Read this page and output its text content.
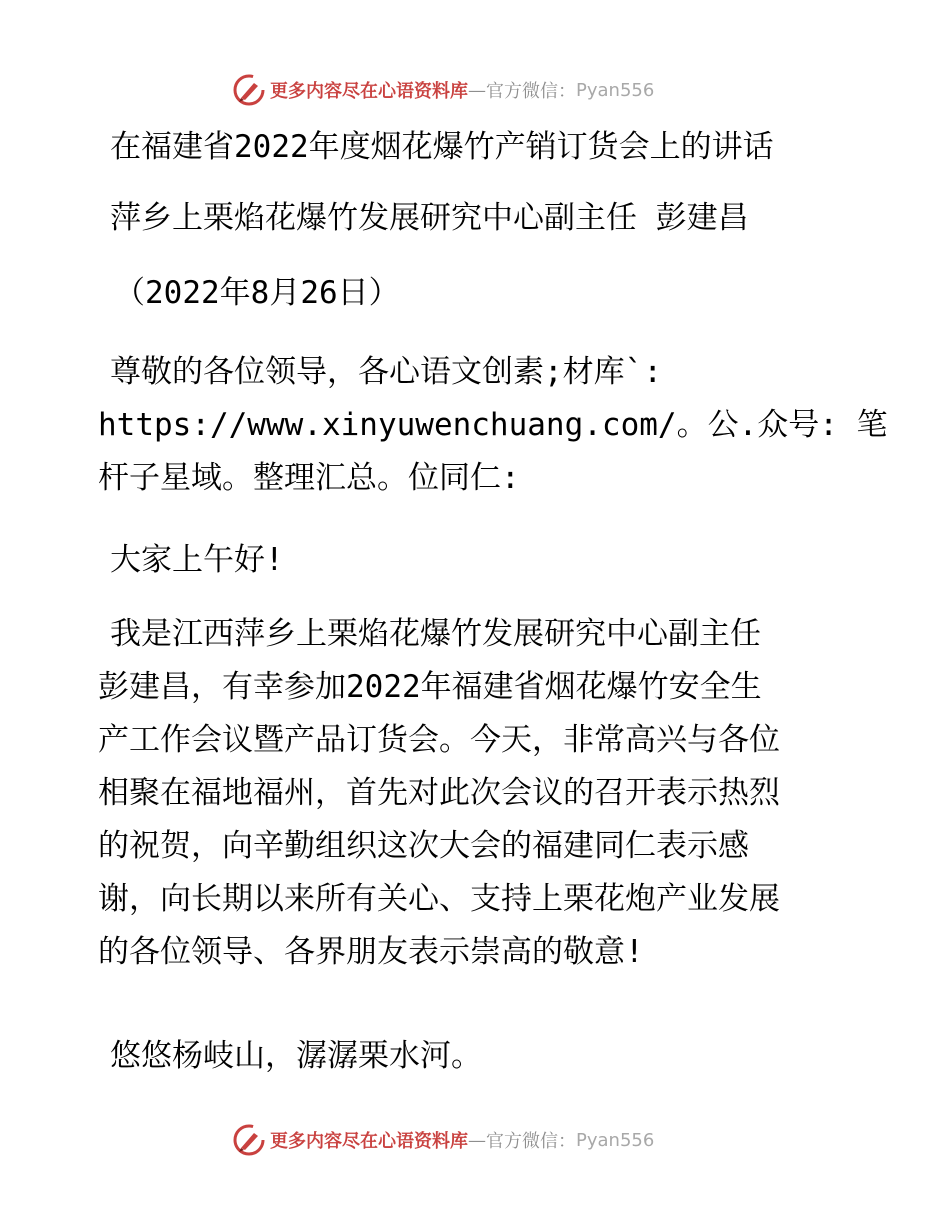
更多内容尽在心语资料库 — 官方微信： Pyan556
在福建省2022年度烟花爆竹产销订货会上的讲话
萍乡上栗焰花爆竹发展研究中心副主任 彭建昌
（2022年8月26日）
尊敬的各位领导，各心语文创素;材库`:
https://www.xinyuwenchuang.com/。公.众号: 笔
杆子星域。整理汇总。位同仁:
大家上午好!
我是江西萍乡上栗焰花爆竹发展研究中心副主任
彭建昌，有幸参加2022年福建省烟花爆竹安全生
产工作会议暨产品订货会。今天，非常高兴与各位
相聚在福地福州，首先对此次会议的召开表示热烈
的祝贺，向辛勤组织这次大会的福建同仁表示感
谢，向长期以来所有关心、支持上栗花炮产业发展
的各位领导、各界朋友表示崇高的敬意!
悠悠杨岐山，潺潺栗水河。
更多内容尽在心语资料库 — 官方微信： Pyan556
